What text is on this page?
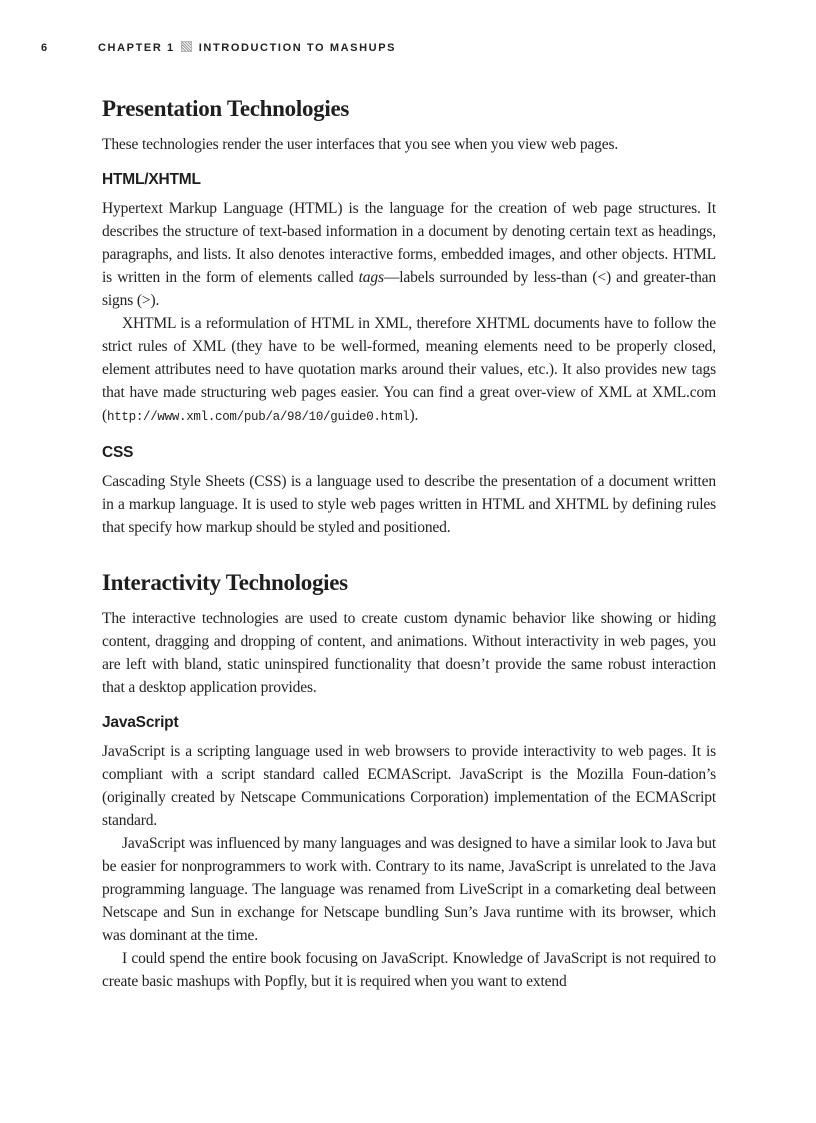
6	CHAPTER 1 INTRODUCTION TO MASHUPS
Presentation Technologies

These technologies render the user interfaces that you see when you view web pages.

HTML/XHTML

Hypertext Markup Language (HTML) is the language for the creation of web page structures. It describes the structure of text-based information in a document by denoting certain text as headings, paragraphs, and lists. It also denotes interactive forms, embedded images, and other objects. HTML is written in the form of elements called tags—labels surrounded by less-than (<) and greater-than signs (>).

XHTML is a reformulation of HTML in XML, therefore XHTML documents have to follow the strict rules of XML (they have to be well-formed, meaning elements need to be properly closed, element attributes need to have quotation marks around their values, etc.). It also provides new tags that have made structuring web pages easier. You can find a great over-view of XML at XML.com (http://www.xml.com/pub/a/98/10/guide0.html).

CSS

Cascading Style Sheets (CSS) is a language used to describe the presentation of a document written in a markup language. It is used to style web pages written in HTML and XHTML by defining rules that specify how markup should be styled and positioned.

Interactivity Technologies

The interactive technologies are used to create custom dynamic behavior like showing or hiding content, dragging and dropping of content, and animations. Without interactivity in web pages, you are left with bland, static uninspired functionality that doesn’t provide the same robust interaction that a desktop application provides.

JavaScript

JavaScript is a scripting language used in web browsers to provide interactivity to web pages. It is compliant with a script standard called ECMAScript. JavaScript is the Mozilla Foun-dation’s (originally created by Netscape Communications Corporation) implementation of the ECMAScript standard.

JavaScript was influenced by many languages and was designed to have a similar look to Java but be easier for nonprogrammers to work with. Contrary to its name, JavaScript is unrelated to the Java programming language. The language was renamed from LiveScript in a comarketing deal between Netscape and Sun in exchange for Netscape bundling Sun’s Java runtime with its browser, which was dominant at the time.

I could spend the entire book focusing on JavaScript. Knowledge of JavaScript is not required to create basic mashups with Popfly, but it is required when you want to extend
